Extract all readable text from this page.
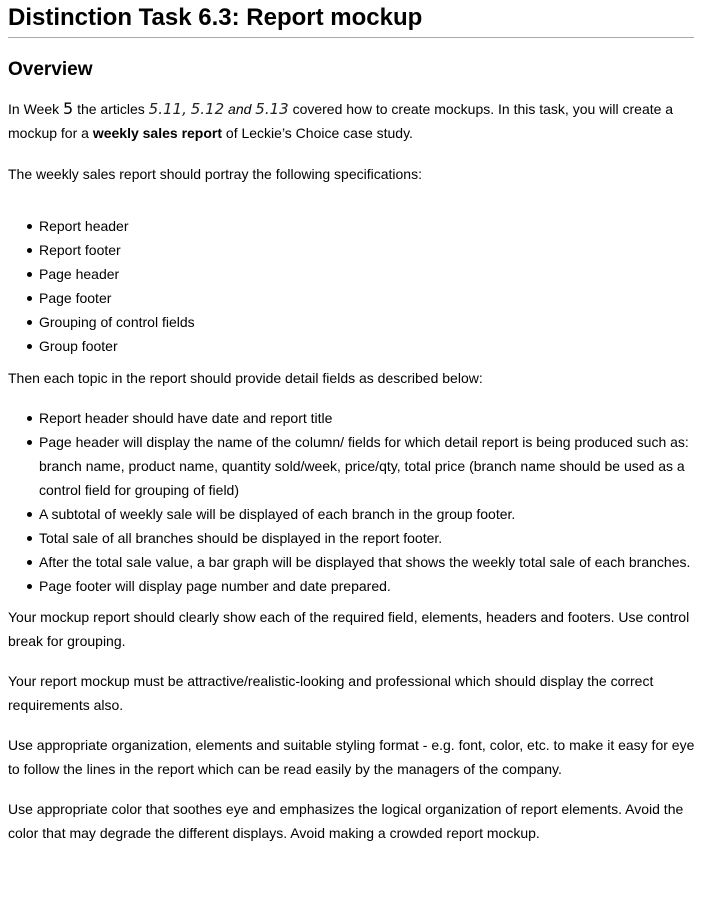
Distinction Task 6.3: Report mockup
Overview

In Week 5 the articles 5.11, 5.12 and 5.13 covered how to create mockups. In this task, you will create a mockup for a weekly sales report of Leckie’s Choice case study.

The weekly sales report should portray the following specifications:

Report header
Report footer
Page header
Page footer
Grouping of control fields
Group footer

Then each topic in the report should provide detail fields as described below:

Report header should have date and report title
Page header will display the name of the column/ fields for which detail report is being produced such as: branch name, product name, quantity sold/week, price/qty, total price (branch name should be used as a control field for grouping of field)
A subtotal of weekly sale will be displayed of each branch in the group footer.
Total sale of all branches should be displayed in the report footer.
After the total sale value, a bar graph will be displayed that shows the weekly total sale of each branches.
Page footer will display page number and date prepared.

Your mockup report should clearly show each of the required field, elements, headers and footers. Use control break for grouping.

Your report mockup must be attractive/realistic-looking and professional which should display the correct requirements also.

Use appropriate organization, elements and suitable styling format - e.g. font, color, etc. to make it easy for eye to follow the lines in the report which can be read easily by the managers of the company.

Use appropriate color that soothes eye and emphasizes the logical organization of report elements. Avoid the color that may degrade the different displays. Avoid making a crowded report mockup.
